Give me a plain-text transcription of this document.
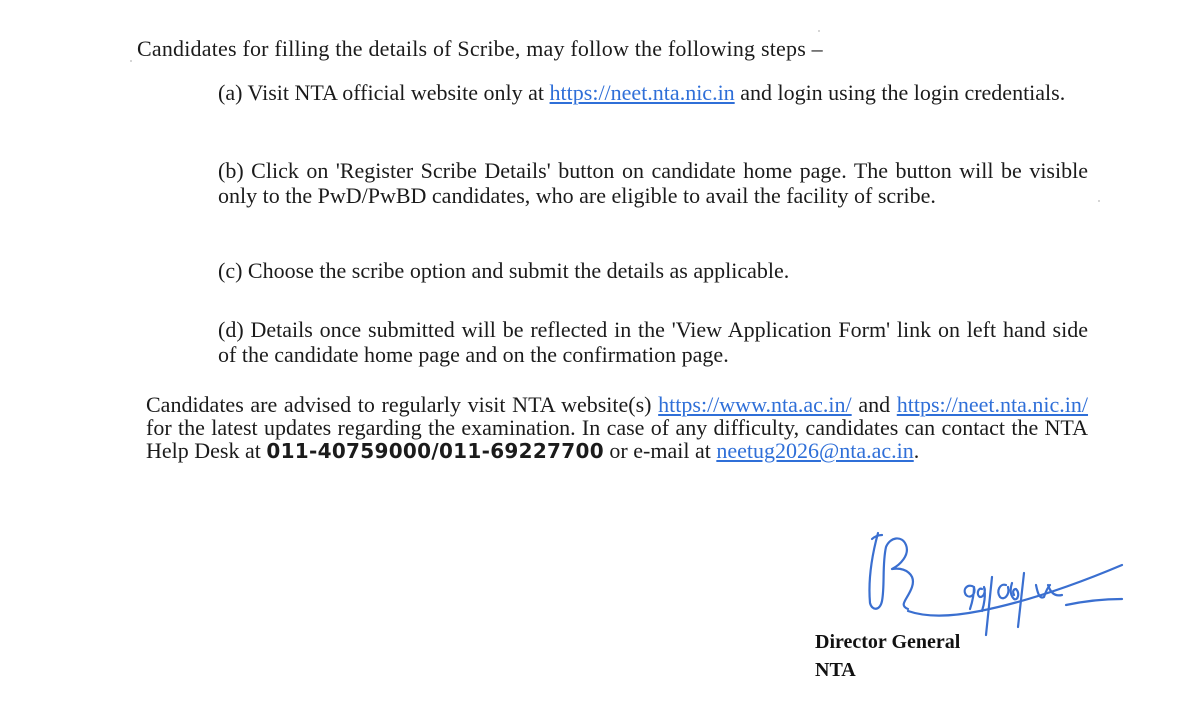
Candidates for filling the details of Scribe, may follow the following steps –
(a) Visit NTA official website only at https://neet.nta.nic.in and login using the login credentials.
(b) Click on 'Register Scribe Details' button on candidate home page. The button will be visible only to the PwD/PwBD candidates, who are eligible to avail the facility of scribe.
(c) Choose the scribe option and submit the details as applicable.
(d) Details once submitted will be reflected in the 'View Application Form' link on left hand side of the candidate home page and on the confirmation page.
Candidates are advised to regularly visit NTA website(s) https://www.nta.ac.in/ and https://neet.nta.nic.in/ for the latest updates regarding the examination. In case of any difficulty, candidates can contact the NTA Help Desk at 011-40759000/011-69227700 or e-mail at neetug2026@nta.ac.in.
Director General
NTA
